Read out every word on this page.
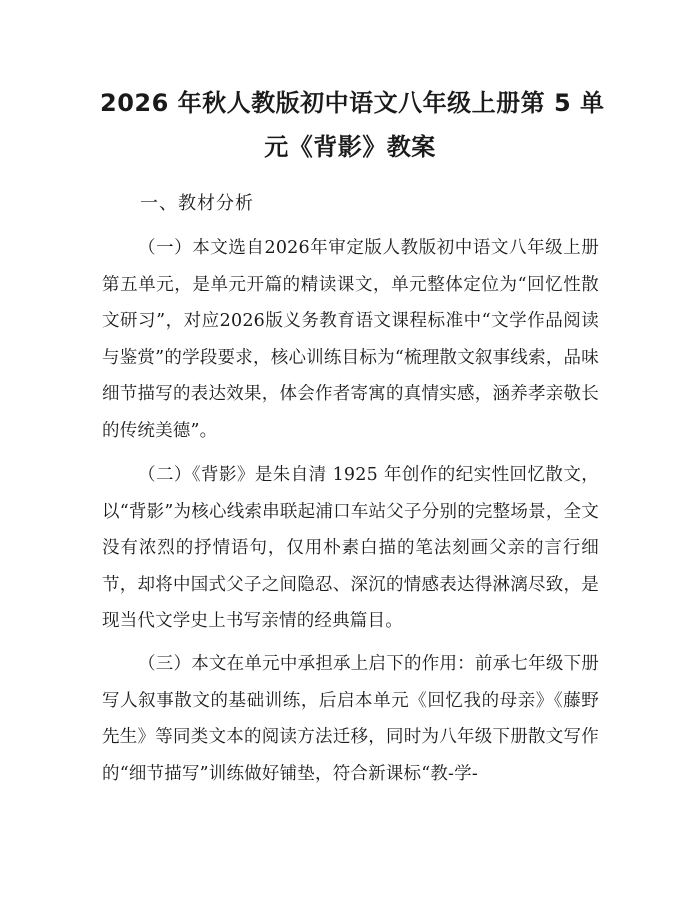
2026 年秋人教版初中语文八年级上册第 5 单
元《背影》教案
一、教材分析

（一）本文选自2026年审定版人教版初中语文八年级上册第五单元，是单元开篇的精读课文，单元整体定位为“回忆性散文研习”，对应2026版义务教育语文课程标准中“文学作品阅读与鉴赏”的学段要求，核心训练目标为“梳理散文叙事线索，品味细节描写的表达效果，体会作者寄寓的真情实感，涵养孝亲敬长的传统美德”。

（二）《背影》是朱自清 1925 年创作的纪实性回忆散文，以“背影”为核心线索串联起浦口车站父子分别的完整场景，全文没有浓烈的抒情语句，仅用朴素白描的笔法刻画父亲的言行细节，却将中国式父子之间隐忍、深沉的情感表达得淋漓尽致，是现当代文学史上书写亲情的经典篇目。

（三）本文在单元中承担承上启下的作用：前承七年级下册写人叙事散文的基础训练，后启本单元《回忆我的母亲》《藤野先生》等同类文本的阅读方法迁移，同时为八年级下册散文写作的“细节描写”训练做好铺垫，符合新课标“教-学-
